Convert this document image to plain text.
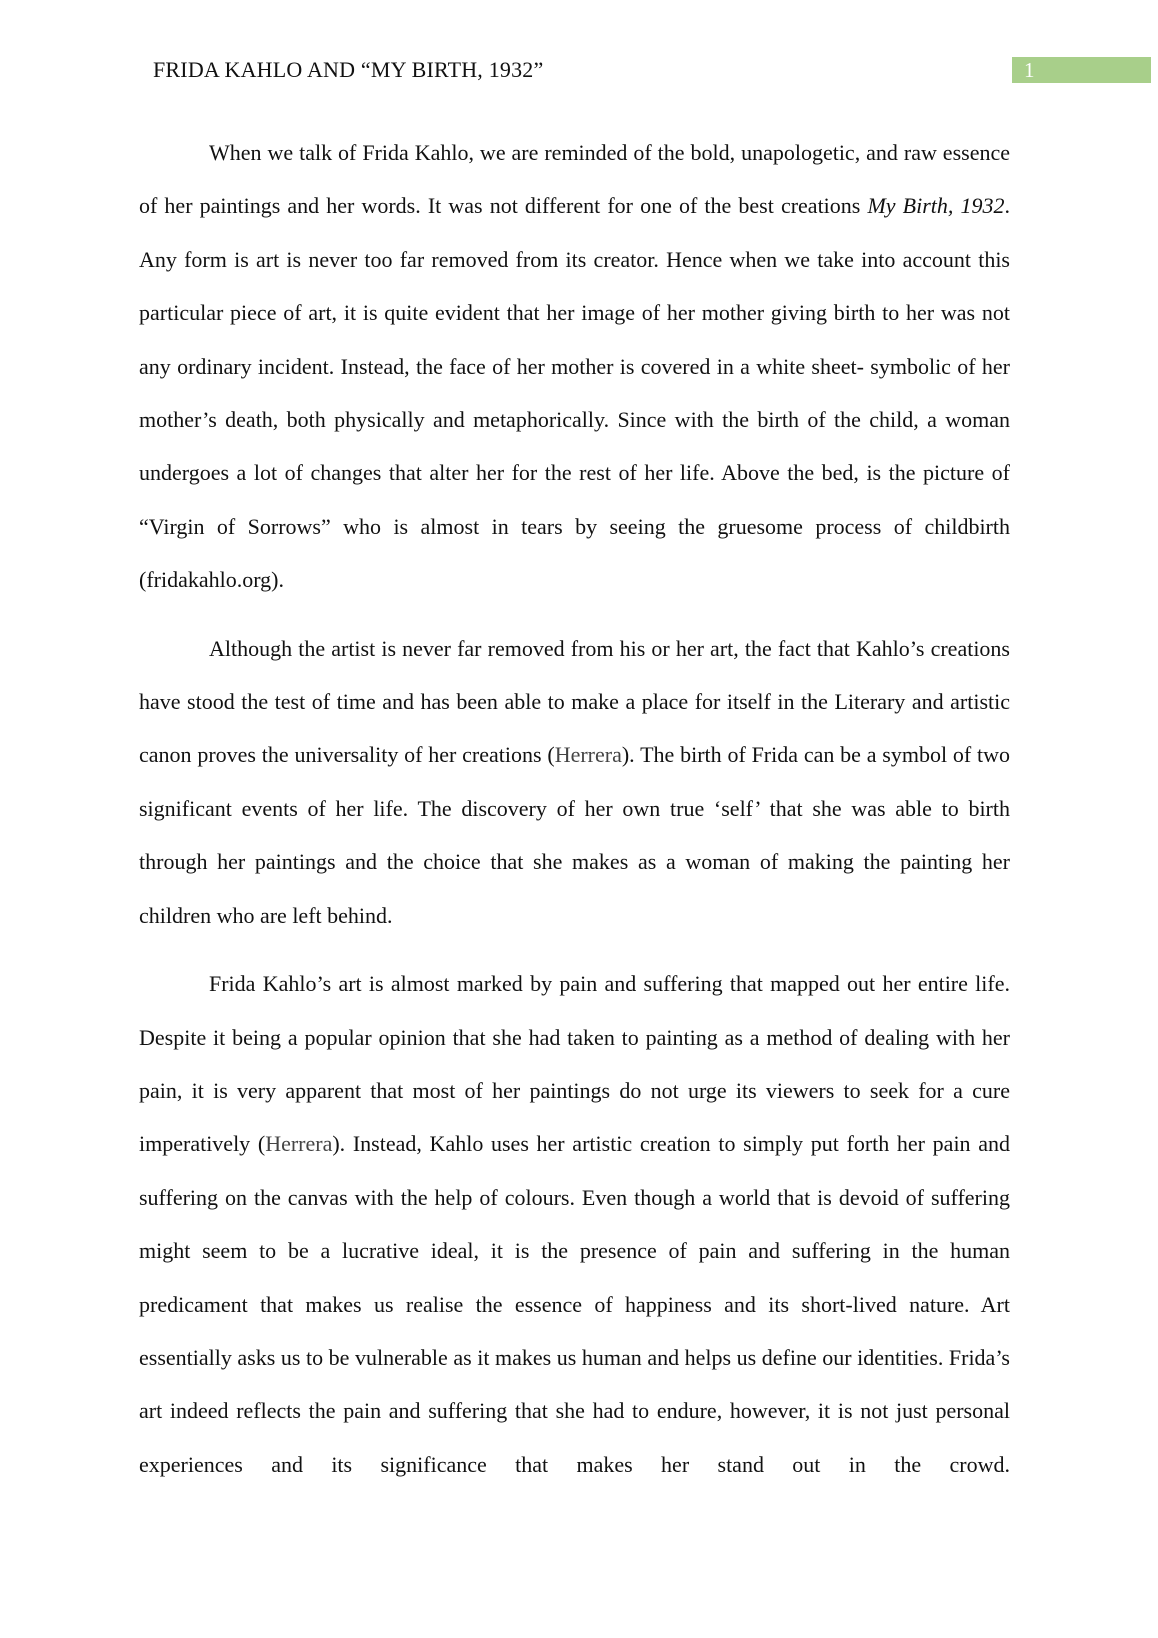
FRIDA KAHLO AND “MY BIRTH, 1932”	1

When we talk of Frida Kahlo, we are reminded of the bold, unapologetic, and raw essence of her paintings and her words. It was not different for one of the best creations My Birth, 1932. Any form is art is never too far removed from its creator. Hence when we take into account this particular piece of art, it is quite evident that her image of her mother giving birth to her was not any ordinary incident. Instead, the face of her mother is covered in a white sheet- symbolic of her mother’s death, both physically and metaphorically. Since with the birth of the child, a woman undergoes a lot of changes that alter her for the rest of her life. Above the bed, is the picture of “Virgin of Sorrows” who is almost in tears by seeing the gruesome process of childbirth (fridakahlo.org).

Although the artist is never far removed from his or her art, the fact that Kahlo’s creations have stood the test of time and has been able to make a place for itself in the Literary and artistic canon proves the universality of her creations (Herrera). The birth of Frida can be a symbol of two significant events of her life. The discovery of her own true ‘self’ that she was able to birth through her paintings and the choice that she makes as a woman of making the painting her children who are left behind.

Frida Kahlo’s art is almost marked by pain and suffering that mapped out her entire life. Despite it being a popular opinion that she had taken to painting as a method of dealing with her pain, it is very apparent that most of her paintings do not urge its viewers to seek for a cure imperatively (Herrera). Instead, Kahlo uses her artistic creation to simply put forth her pain and suffering on the canvas with the help of colours. Even though a world that is devoid of suffering might seem to be a lucrative ideal, it is the presence of pain and suffering in the human predicament that makes us realise the essence of happiness and its short-lived nature. Art essentially asks us to be vulnerable as it makes us human and helps us define our identities. Frida’s art indeed reflects the pain and suffering that she had to endure, however, it is not just personal experiences and its significance that makes her stand out in the crowd.
